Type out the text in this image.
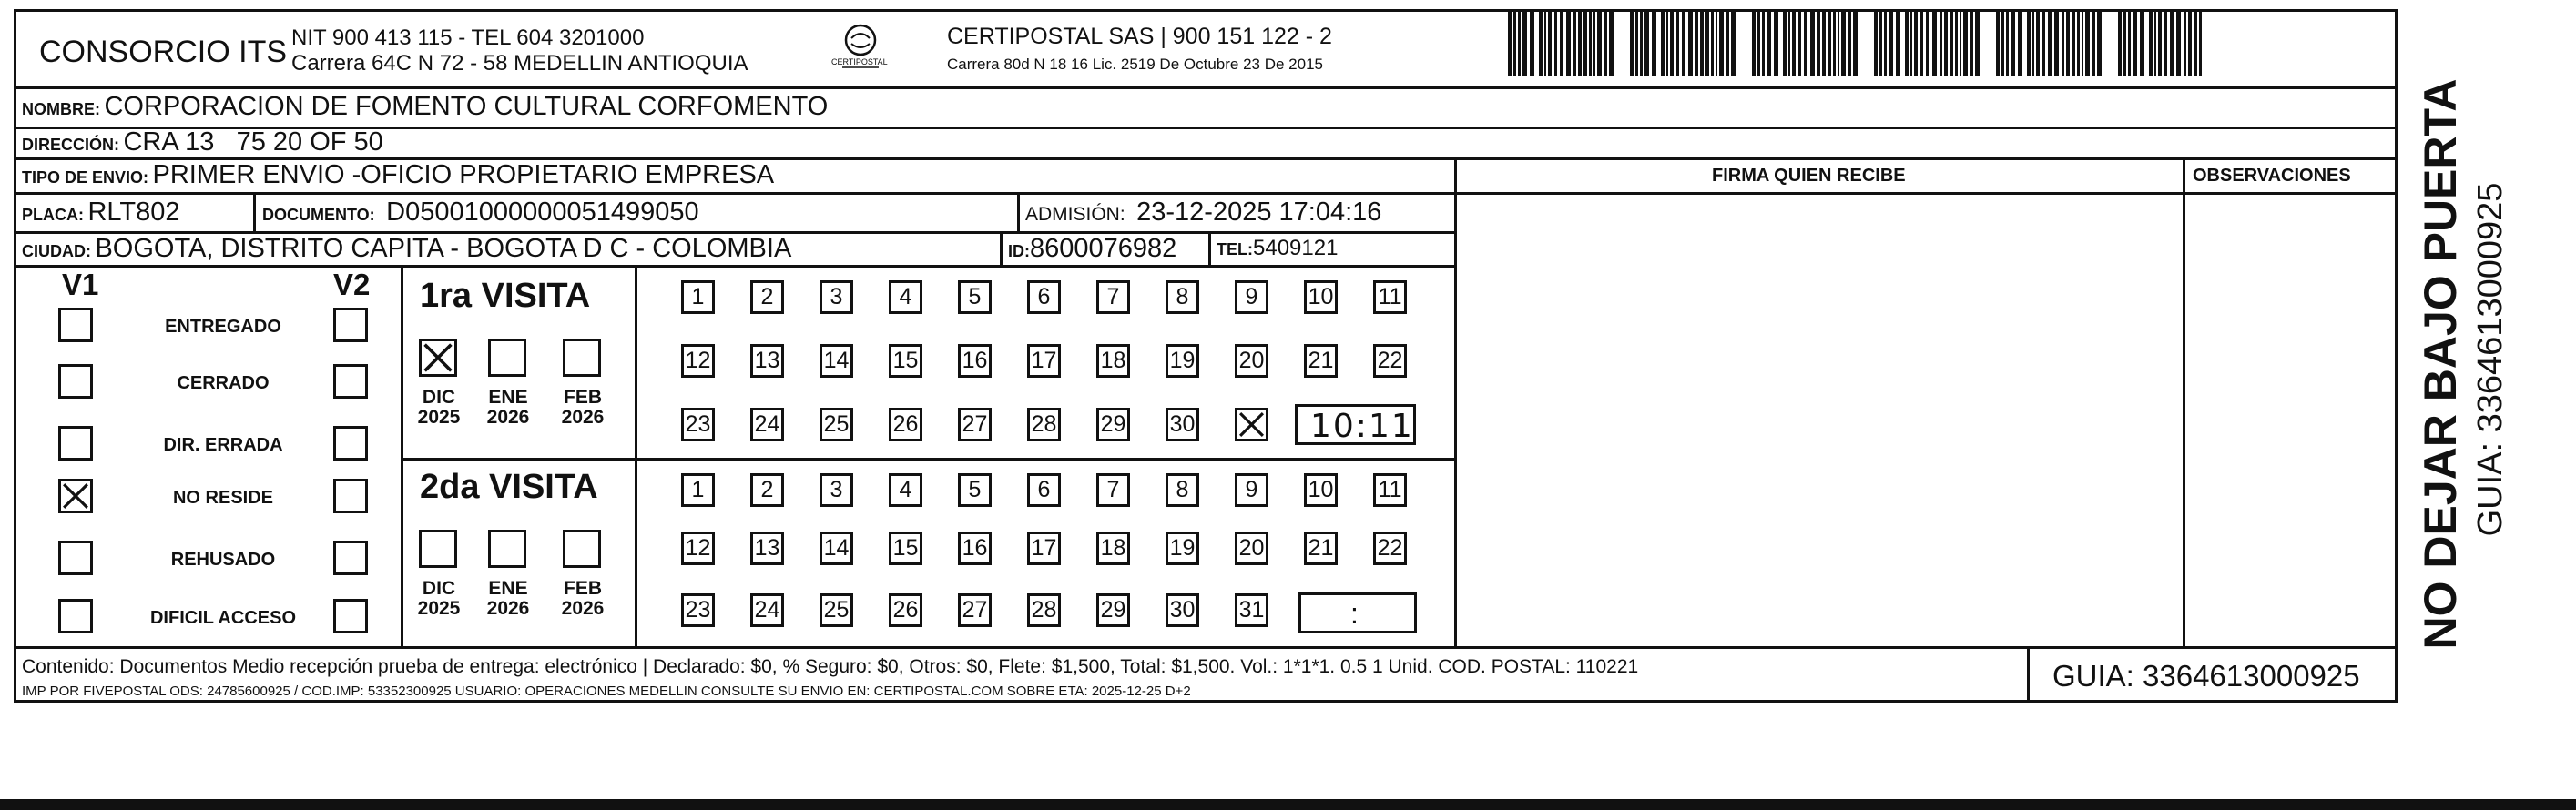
CONSORCIO ITS NIT 900 413 115 - TEL 604 3201000
Carrera 64C N 72 - 58 MEDELLIN ANTIOQUIA	CERTIPOSTAL
CERTIPOSTAL SAS | 900 151 122 - 2
Carrera 80d N 18 16 Lic. 2519 De Octubre 23 De 2015
NOMBRE: CORPORACION DE FOMENTO CULTURAL CORFOMENTO
DIRECCIÓN: CRA 13   75 20 OF 50
TIPO DE ENVIO: PRIMER ENVIO -OFICIO PROPIETARIO EMPRESA	FIRMA QUIEN RECIBE	OBSERVACIONES
PLACA: RLT802	DOCUMENTO: D05001000000051499050	ADMISIÓN: 23-12-2025 17:04:16
CIUDAD: BOGOTA, DISTRITO CAPITA - BOGOTA D C - COLOMBIA	ID:8600076982 TEL:5409121
V1	V2
ENTREGADO
CERRADO
DIR. ERRADA
NO RESIDE
REHUSADO
DIFICIL ACCESO
1ra VISITA
2da VISITA
DIC
2025
ENE
2026
FEB
2026
DIC
2025
ENE
2026
FEB
2026
1	2	3	4	5	6	7	8	9	10 11
12 13 14 15 16 17 18 19 20 21 22
23 24 25 26 27 28 29 30
1	2	3	4	5	6	7	8	9	10 11
12 13 14 15 16 17 18 19 20 21 22
23 24 25 26 27 28 29 30 31
10:11
:
Contenido: Documentos Medio recepción prueba de entrega: electrónico | Declarado: $0, % Seguro: $0, Otros: $0, Flete: $1,500, Total: $1,500. Vol.: 1*1*1. 0.5 1 Unid. COD. POSTAL: 110221
IMP POR FIVEPOSTAL ODS: 24785600925 / COD.IMP: 53352300925 USUARIO: OPERACIONES MEDELLIN CONSULTE SU ENVIO EN: CERTIPOSTAL.COM SOBRE ETA: 2025-12-25 D+2	GUIA: 3364613000925
NO DEJAR BAJO PUERTA GUIA: 3364613000925
